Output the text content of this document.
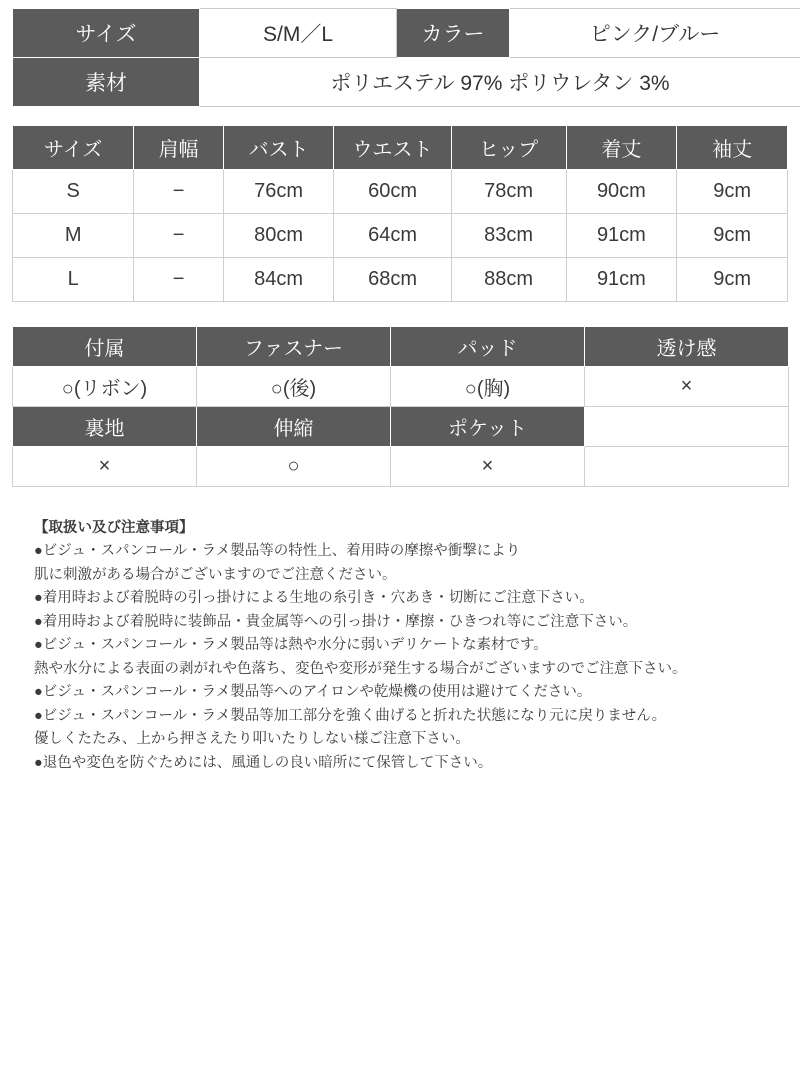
サイズ	S/M／L	カラー	ピンク/ブルー
素材	ポリエステル 97% ポリウレタン 3%		
サイズ	肩幅	バスト	ウエスト	ヒップ	着丈	袖丈
S	−	76cm	60cm	78cm	90cm	9cm
M	−	80cm	64cm	83cm	91cm	9cm
L	−	84cm	68cm	88cm	91cm	9cm
付属	ファスナー	パッド	透け感
○(リボン)	○(後)	○(胸)	×
裏地	伸縮	ポケット	
×	○	×	
【取扱い及び注意事項】
●ビジュ・スパンコール・ラメ製品等の特性上、着用時の摩擦や衝撃により
肌に刺激がある場合がございますのでご注意ください。
●着用時および着脱時の引っ掛けによる生地の糸引き・穴あき・切断にご注意下さい。
●着用時および着脱時に装飾品・貴金属等への引っ掛け・摩擦・ひきつれ等にご注意下さい。
●ビジュ・スパンコール・ラメ製品等は熱や水分に弱いデリケートな素材です。
熱や水分による表面の剥がれや色落ち、変色や変形が発生する場合がございますのでご注意下さい。
●ビジュ・スパンコール・ラメ製品等へのアイロンや乾燥機の使用は避けてください。
●ビジュ・スパンコール・ラメ製品等加工部分を強く曲げると折れた状態になり元に戻りません。
優しくたたみ、上から押さえたり叩いたりしない様ご注意下さい。
●退色や変色を防ぐためには、風通しの良い暗所にて保管して下さい。
